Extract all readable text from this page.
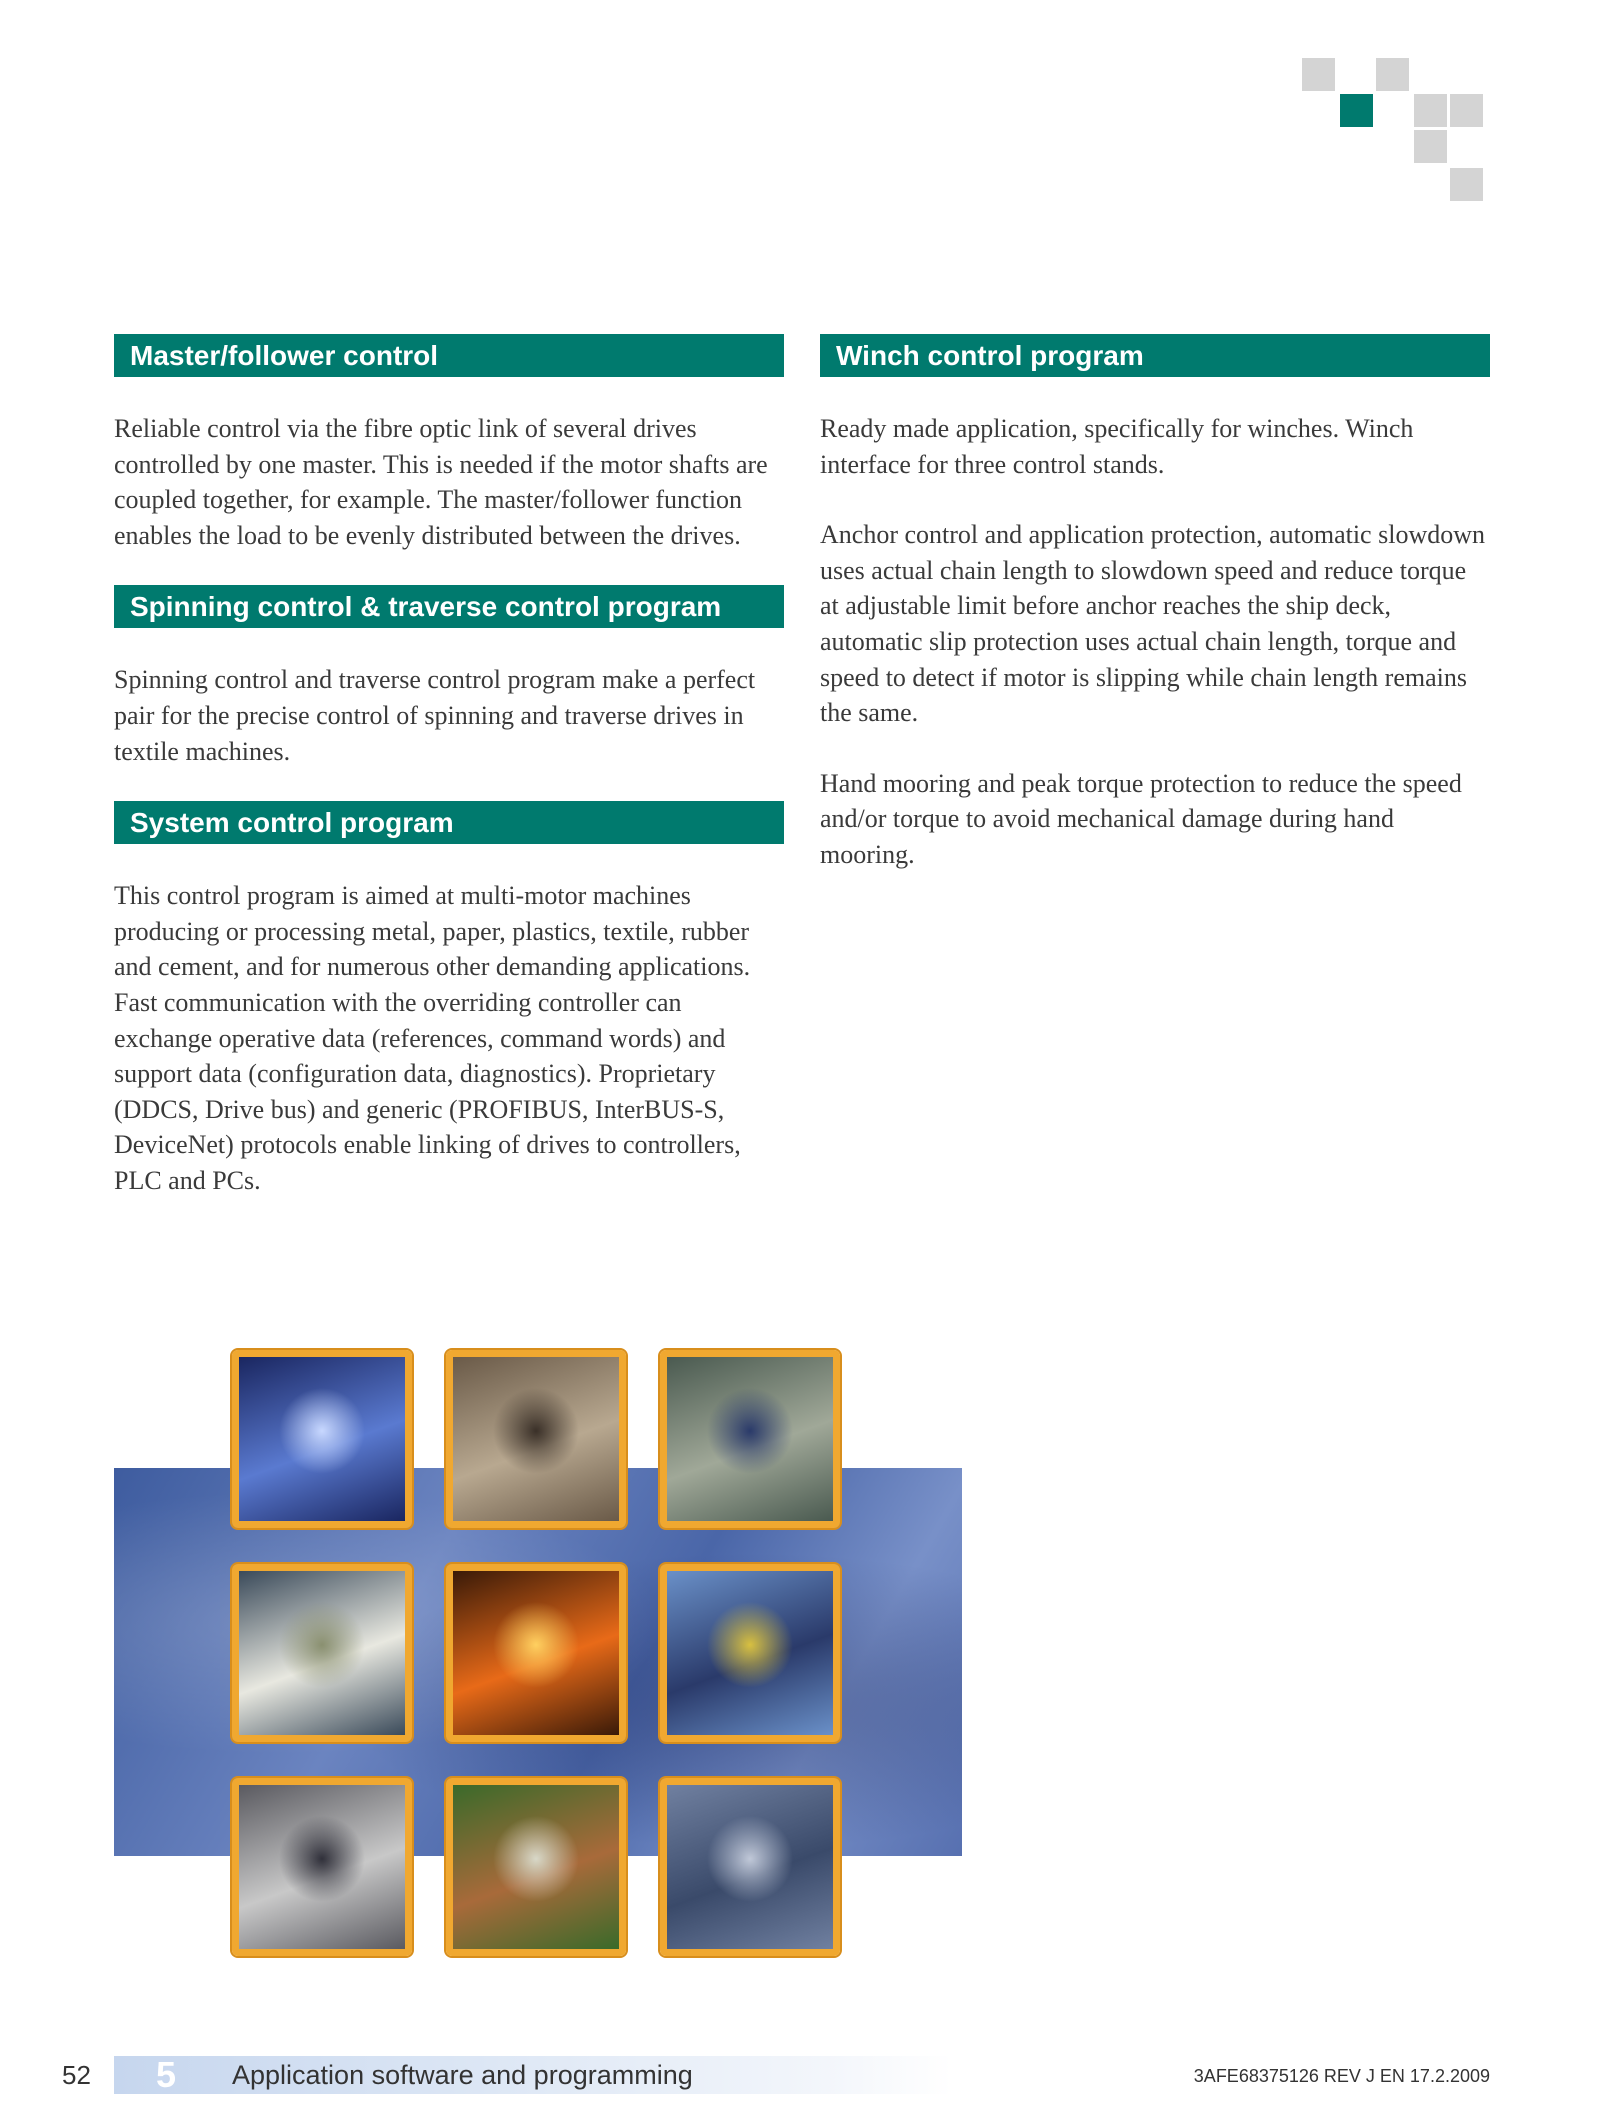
Master/follower control

Reliable control via the fibre optic link of several drives controlled by one master. This is needed if the motor shafts are coupled together, for example. The master/follower function enables the load to be evenly distributed between the drives.

Spinning control & traverse control program

Spinning control and traverse control program make a perfect pair for the precise control of spinning and traverse drives in textile machines.

System control program

This control program is aimed at multi-motor machines producing or processing metal, paper, plastics, textile, rubber and cement, and for numerous other demanding applications. Fast communication with the overriding controller can exchange operative data (references, command words) and support data (configuration data, diagnostics). Proprietary (DDCS, Drive bus) and generic (PROFIBUS, InterBUS-S, DeviceNet) protocols enable linking of drives to controllers, PLC and PCs.

Winch control program

Ready made application, specifically for winches. Winch interface for three control stands.

Anchor control and application protection, automatic slowdown uses actual chain length to slowdown speed and reduce torque at adjustable limit before anchor reaches the ship deck, automatic slip protection uses actual chain length, torque and speed to detect if motor is slipping while chain length remains the same.

Hand mooring and peak torque protection to reduce the speed and/or torque to avoid mechanical damage during hand mooring.

52 5 Application software and programming	3AFE68375126 REV J EN 17.2.2009
